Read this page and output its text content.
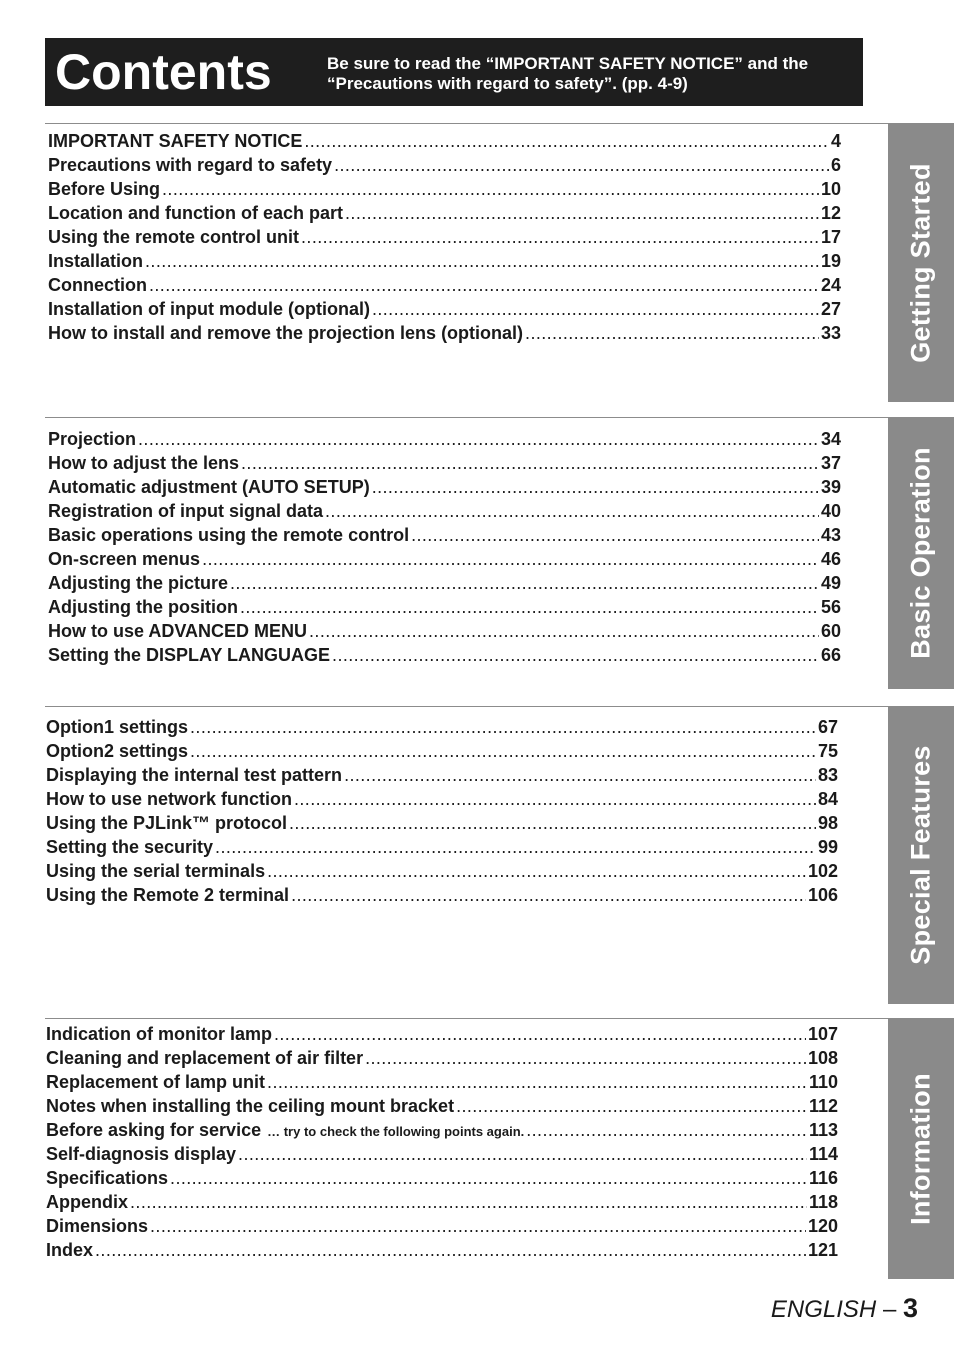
Contents	Be sure to read the “IMPORTANT SAFETY NOTICE” and the “Precautions with regard to safety”. (pp. 4-9)
Getting Started
IMPORTANT SAFETY NOTICE .....	4
Precautions with regard to safety .....	6
Before Using .....	10
Location and function of each part .....	12
Using the remote control unit .....	17
Installation .....	19
Connection .....	24
Installation of input module (optional) .....	27
How to install and remove the projection lens (optional) .....	33
Basic Operation
Projection .....	34
How to adjust the lens .....	37
Automatic adjustment (AUTO SETUP) .....	39
Registration of input signal data .....	40
Basic operations using the remote control .....	43
On-screen menus .....	46
Adjusting the picture .....	49
Adjusting the position .....	56
How to use ADVANCED MENU .....	60
Setting the DISPLAY LANGUAGE .....	66
Special Features
Option1 settings .....	67
Option2 settings .....	75
Displaying the internal test pattern .....	83
How to use network function .....	84
Using the PJLink™ protocol .....	98
Setting the security .....	99
Using the serial terminals .....	102
Using the Remote 2 terminal .....	106
Information
Indication of monitor lamp .....	107
Cleaning and replacement of air filter .....	108
Replacement of lamp unit .....	110
Notes when installing the ceiling mount bracket .....	112
Before asking for service … try to check the following points again. .....	113
Self-diagnosis display .....	114
Specifications .....	116
Appendix .....	118
Dimensions .....	120
Index .....	121
ENGLISH – 3
